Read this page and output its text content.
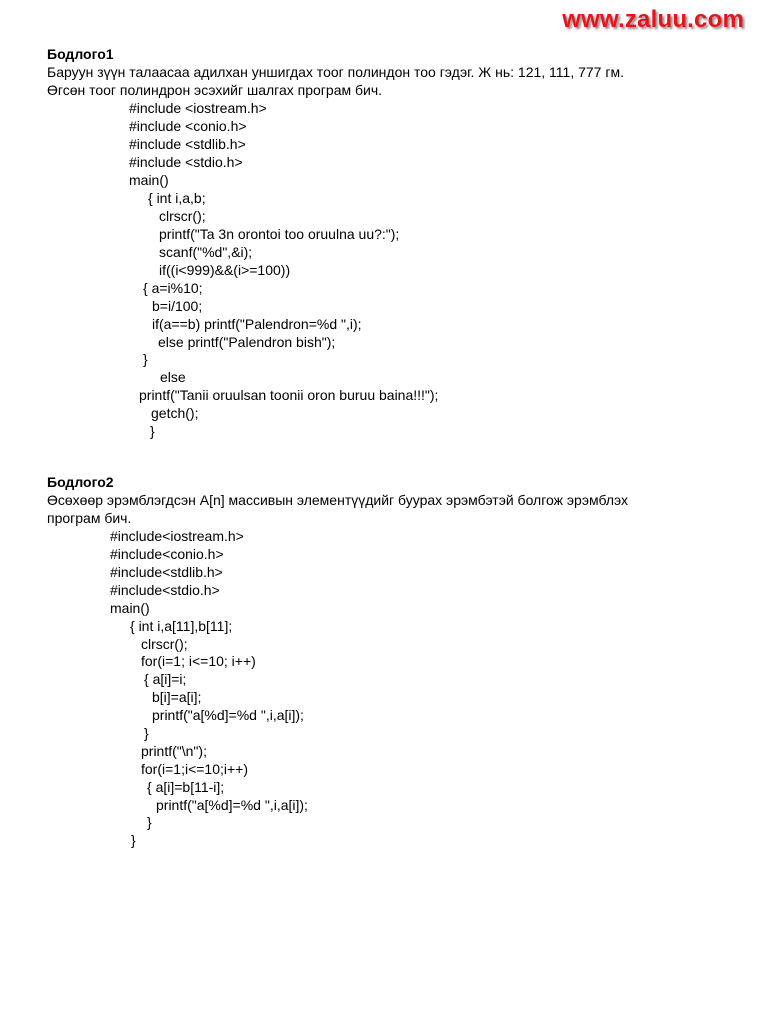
www.zaluu.com
Бодлого1
Баруун зүүн талаасаа адилхан уншигдах тоог полиндон тоо гэдэг. Ж нь: 121, 111, 777 гм.
Өгсөн тоог полиндрон эсэхийг шалгах програм бич.
#include <iostream.h>
#include <conio.h>
#include <stdlib.h>
#include <stdio.h>
main()
{ int i,a,b;
clrscr();
printf("Ta 3n orontoi too oruulna uu?:");
scanf("%d",&i);
if((i<999)&&(i>=100))
{ a=i%10;
b=i/100;
if(a==b) printf("Palendron=%d ",i);
else printf("Palendron bish");
}
else
printf("Tanii oruulsan toonii oron buruu baina!!!");
getch();
}
Бодлого2
Өсөхөөр эрэмблэгдсэн A[n] массивын элементүүдийг буурах эрэмбэтэй болгож эрэмблэх
програм бич.
#include<iostream.h>
#include<conio.h>
#include<stdlib.h>
#include<stdio.h>
main()
{ int i,a[11],b[11];
clrscr();
for(i=1; i<=10; i++)
{ a[i]=i;
b[i]=a[i];
printf("a[%d]=%d ",i,a[i]);
}
printf("\n");
for(i=1;i<=10;i++)
{ a[i]=b[11-i];
printf("a[%d]=%d ",i,a[i]);
}
}
